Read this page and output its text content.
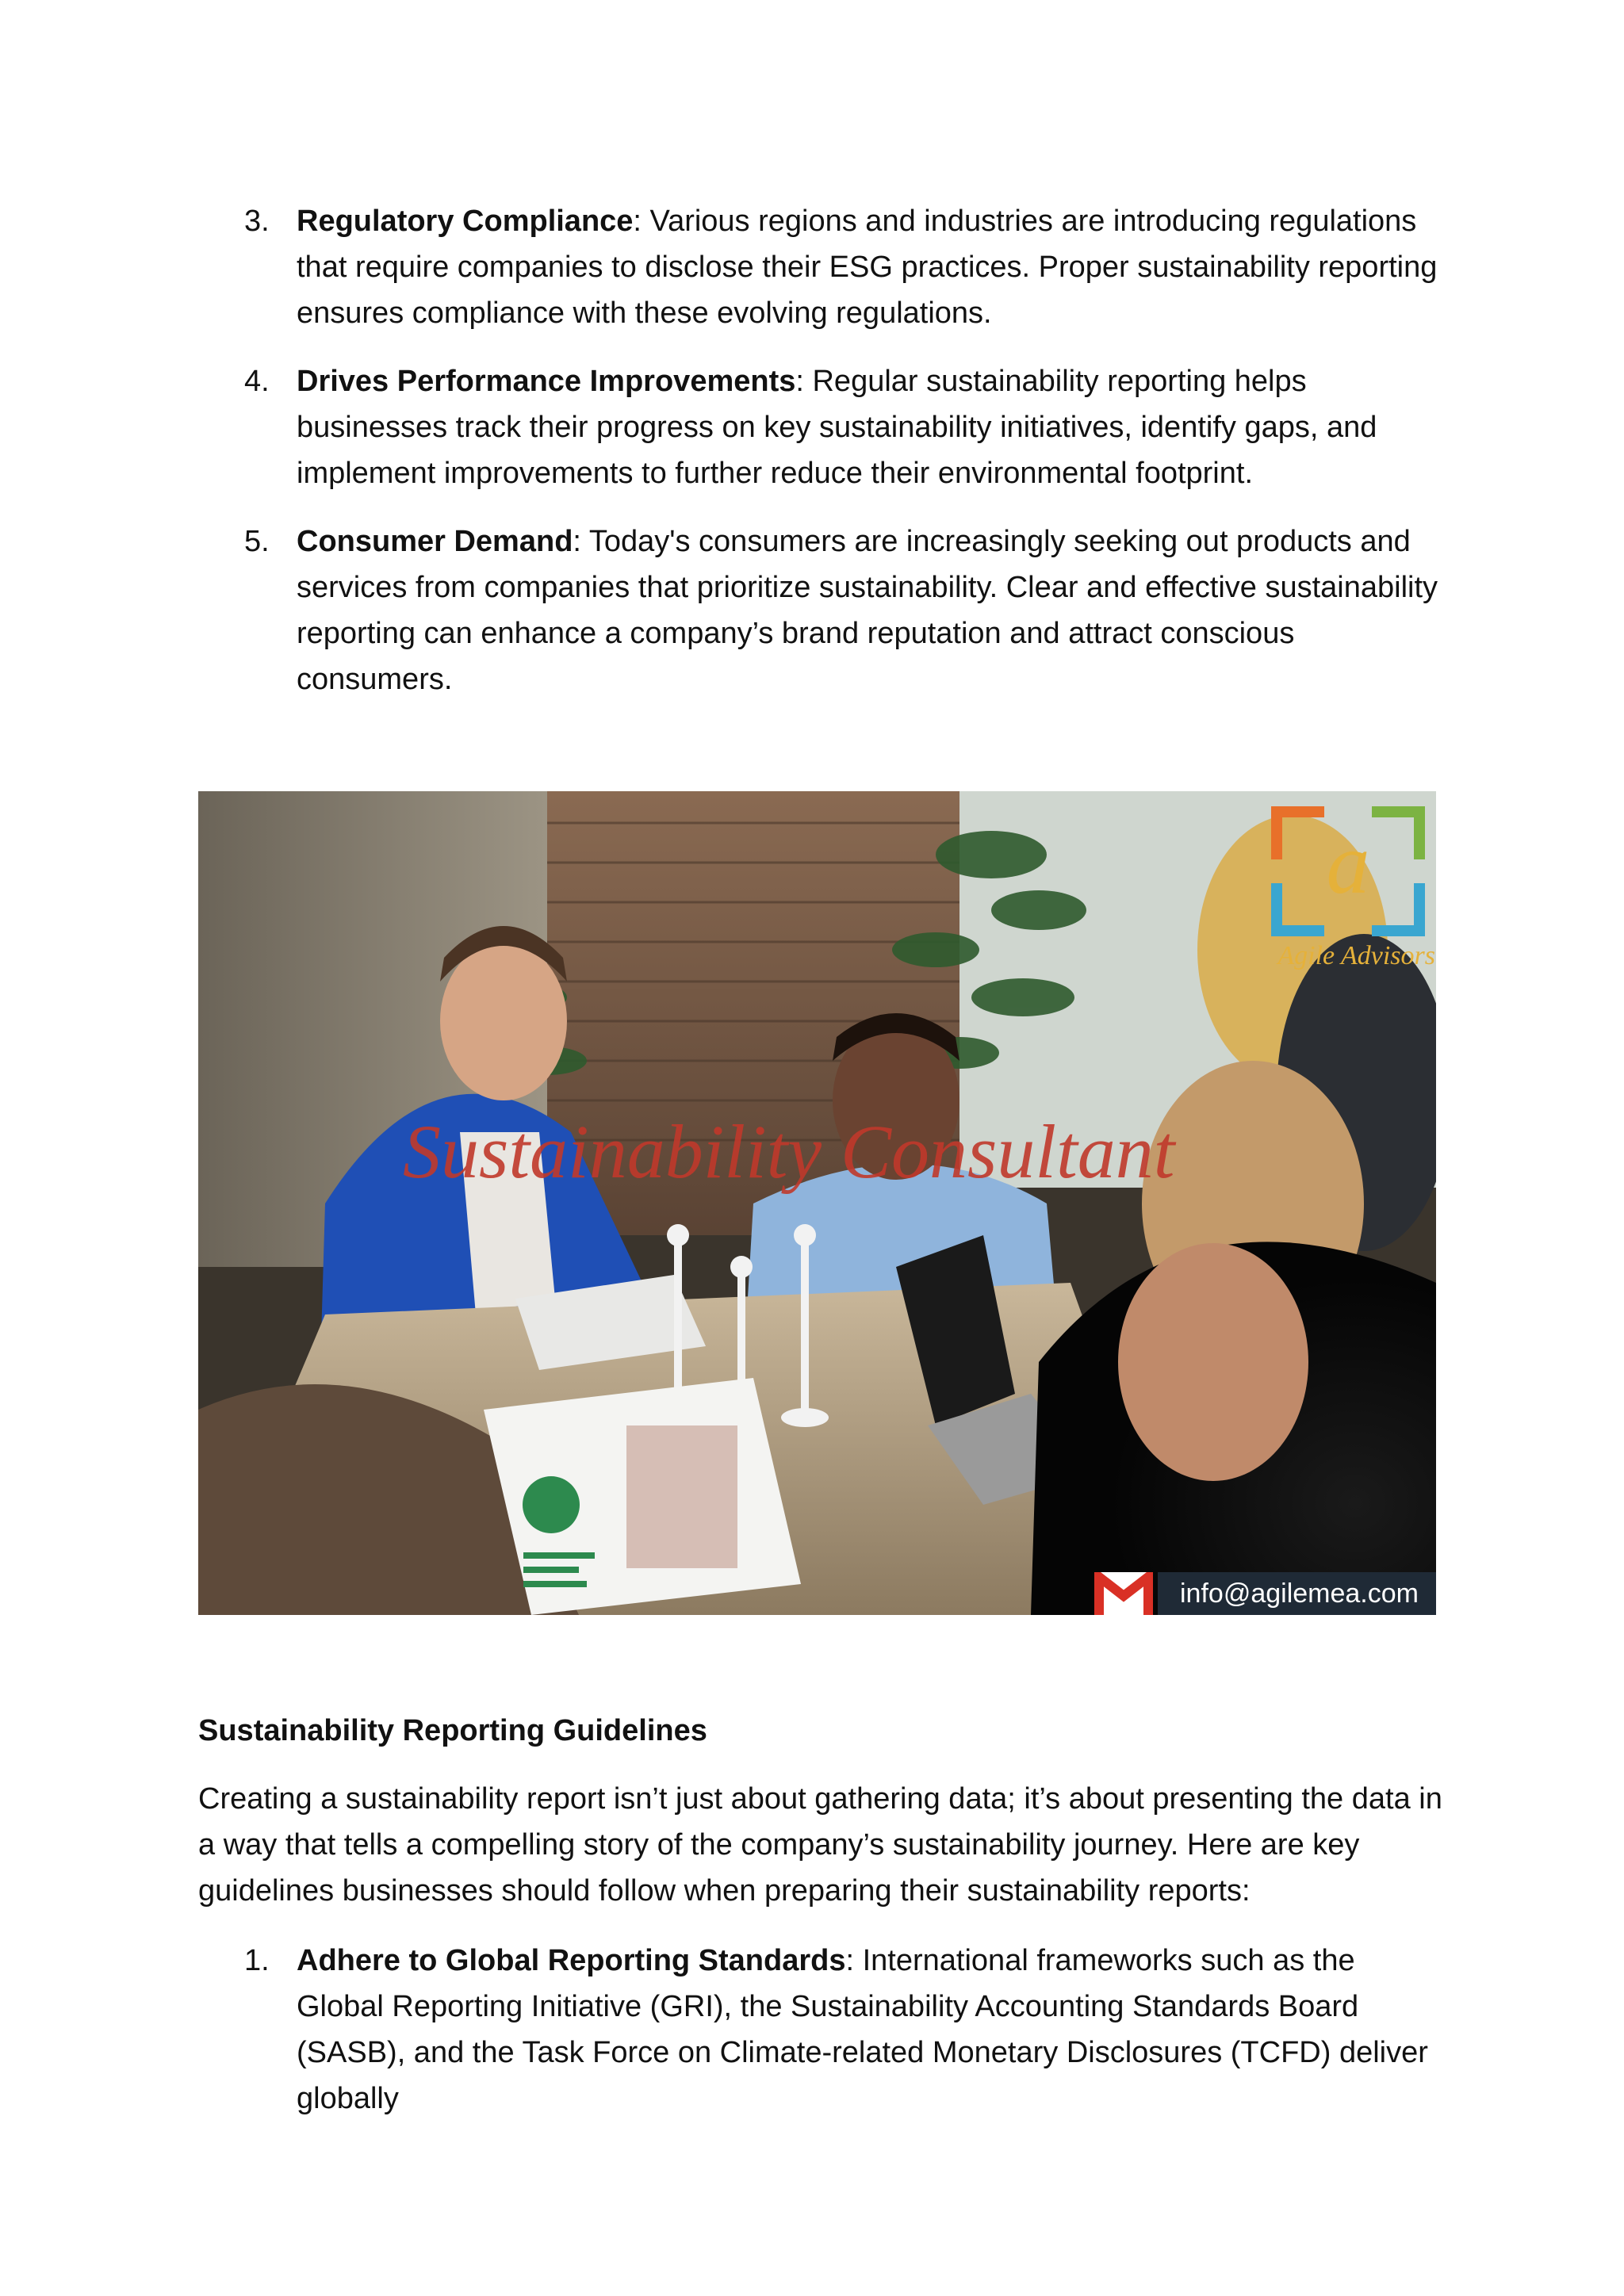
3. Regulatory Compliance: Various regions and industries are introducing regulations that require companies to disclose their ESG practices. Proper sustainability reporting ensures compliance with these evolving regulations.
4. Drives Performance Improvements: Regular sustainability reporting helps businesses track their progress on key sustainability initiatives, identify gaps, and implement improvements to further reduce their environmental footprint.
5. Consumer Demand: Today's consumers are increasingly seeking out products and services from companies that prioritize sustainability. Clear and effective sustainability reporting can enhance a company’s brand reputation and attract conscious consumers.
Sustainability Consultant
a
Agile Advisors
info@agilemea.com
Sustainability Reporting Guidelines
Creating a sustainability report isn’t just about gathering data; it’s about presenting the data in a way that tells a compelling story of the company’s sustainability journey. Here are key guidelines businesses should follow when preparing their sustainability reports:
1. Adhere to Global Reporting Standards: International frameworks such as the Global Reporting Initiative (GRI), the Sustainability Accounting Standards Board (SASB), and the Task Force on Climate-related Monetary Disclosures (TCFD) deliver globally
